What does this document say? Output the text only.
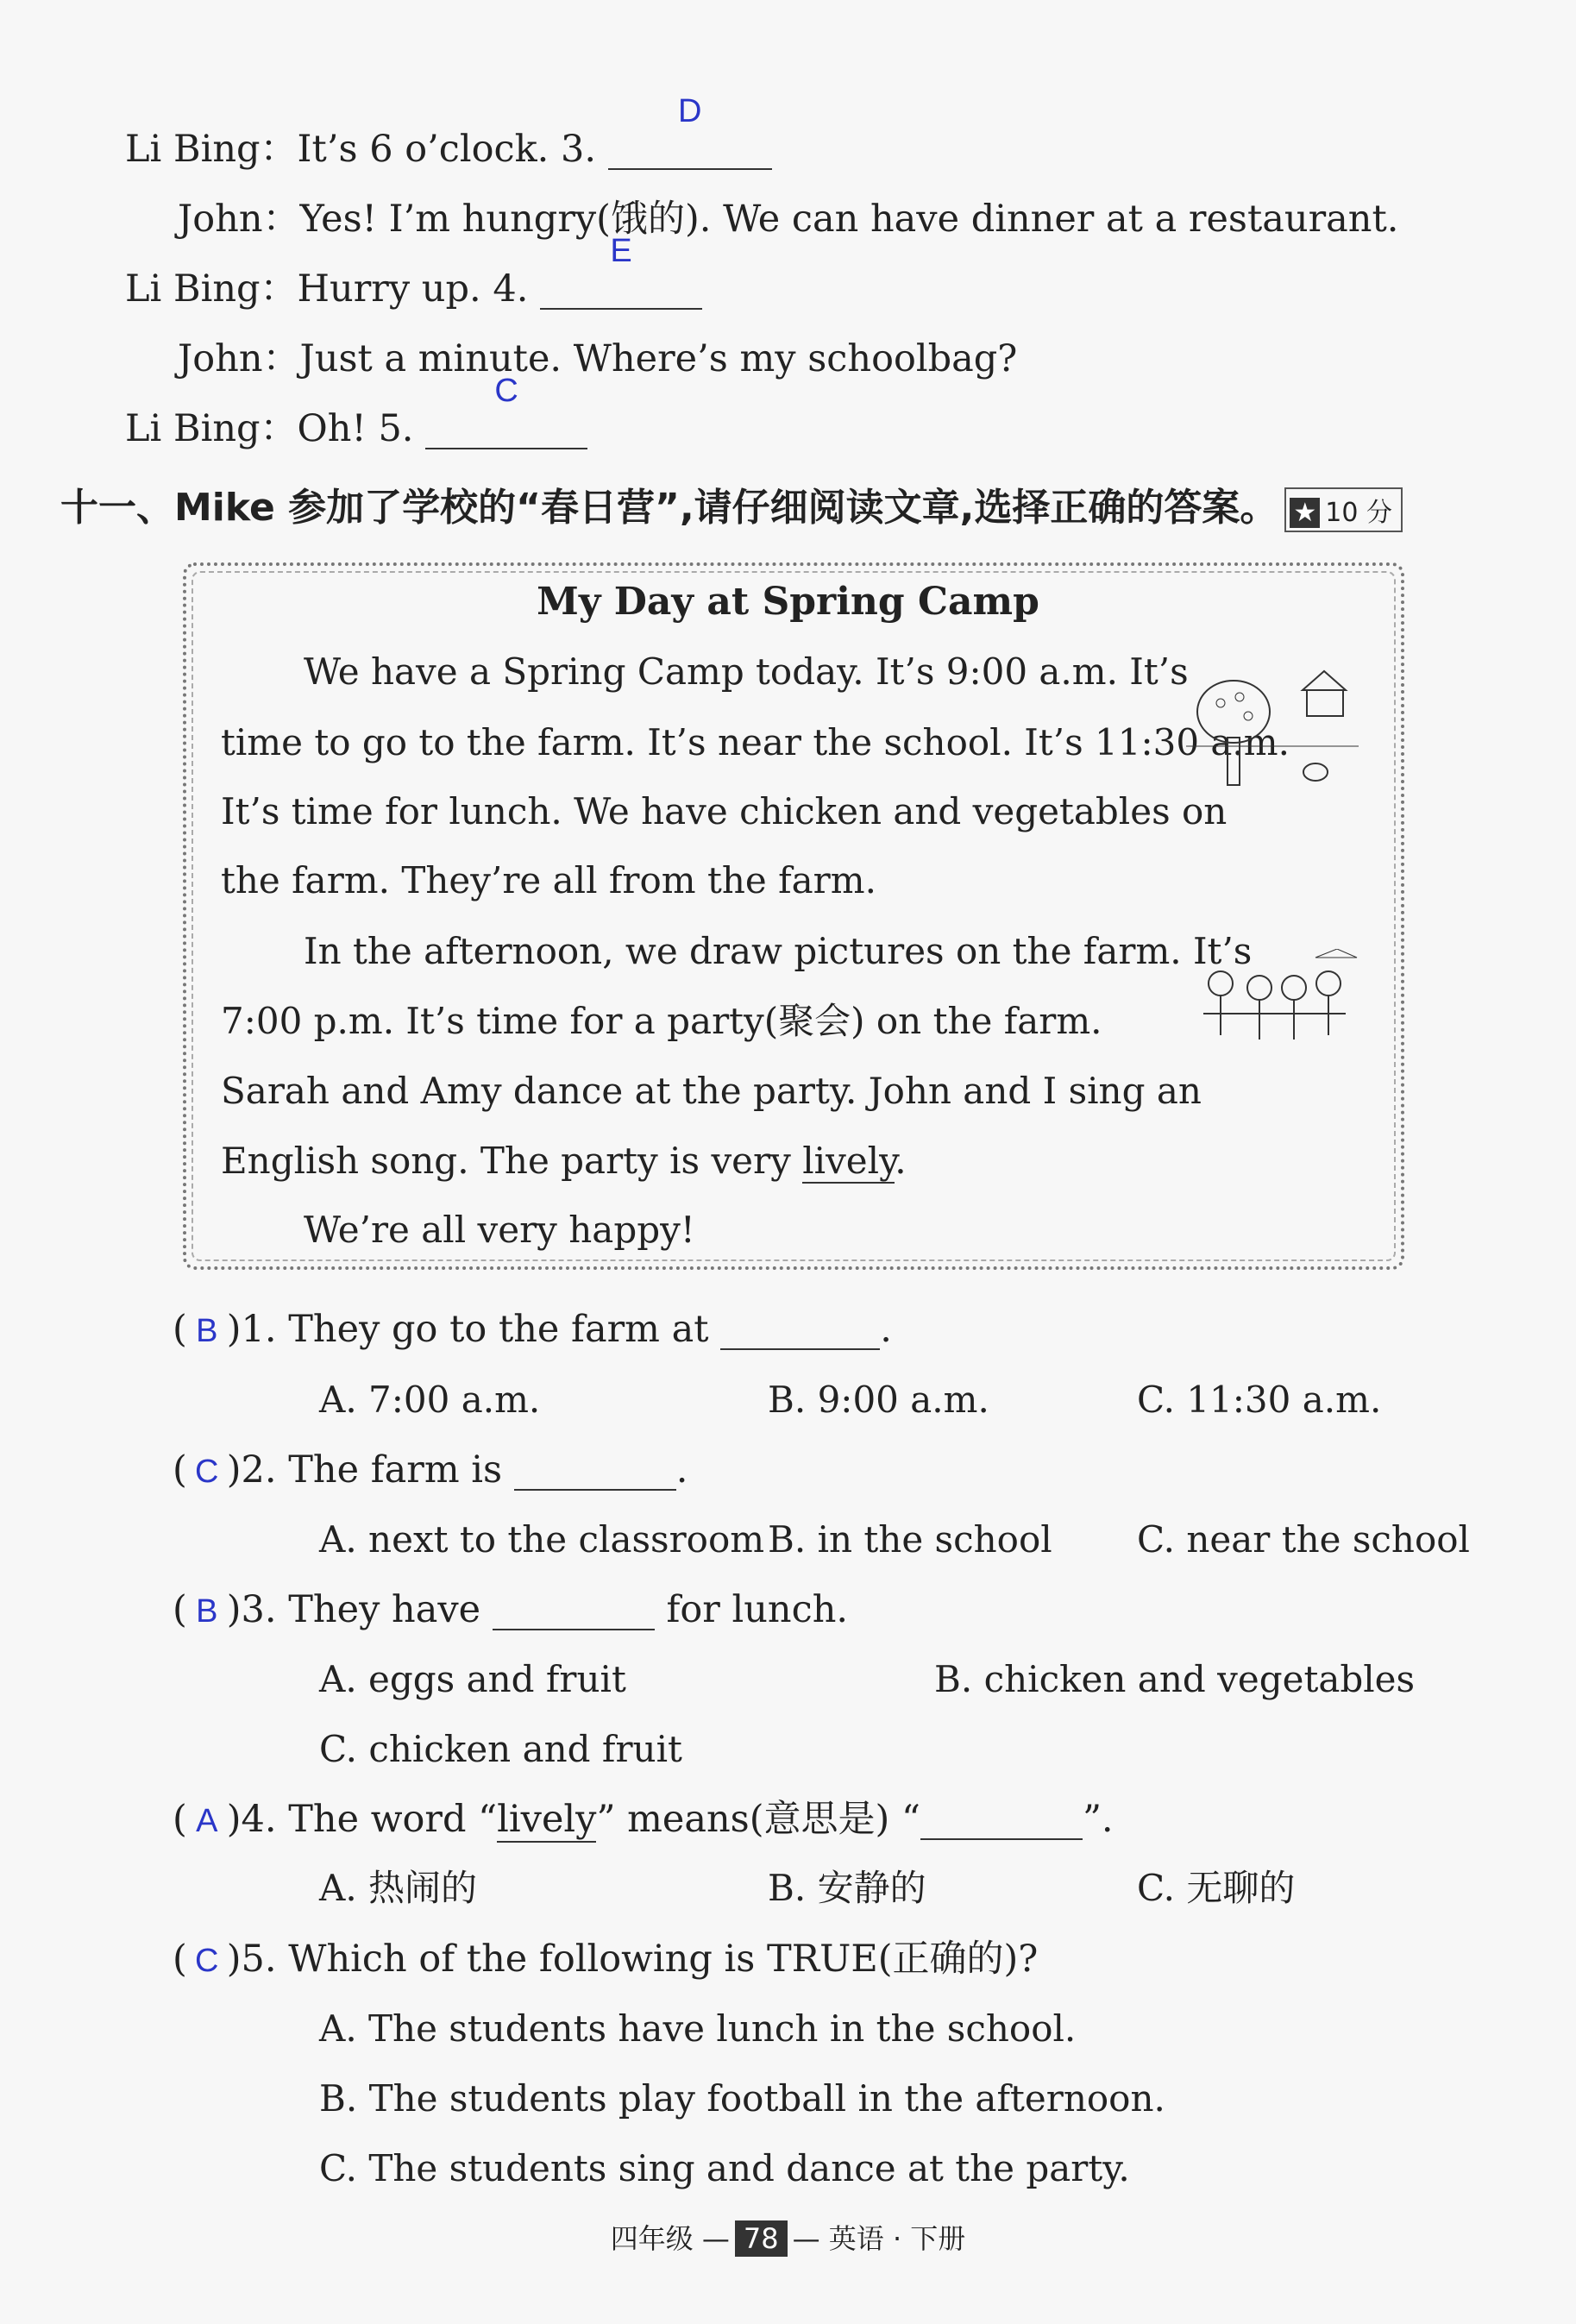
Li Bing：It’s 6 o’clock. 3.
D

John：Yes! I’m hungry(饿的). We can have dinner at a restaurant.
Li Bing：Hurry up. 4.
E

John：Just a minute. Where’s my schoolbag?
Li Bing：Oh! 5.
C

十一、Mike 参加了学校的“春日营”,请仔细阅读文章,选择正确的答案。 ★ 10 分
My Day at Spring Camp
We have a Spring Camp today. It’s 9:00 a.m. It’s
time to go to the farm. It’s near the school. It’s 11:30 a.m.
It’s time for lunch. We have chicken and vegetables on
the farm. They’re all from the farm.
In the afternoon, we draw pictures on the farm. It’s
7:00 p.m. It’s time for a party(聚会) on the farm.
Sarah and Amy dance at the party. John and I sing an
English song. The party is very lively.
We’re all very happy!
( B )1. They go to the farm at	.
A. 7:00 a.m.	B. 9:00 a.m.	C. 11:30 a.m.
( C )2. The farm is	.
A. next to the classroom B. in the school C. near the school
( B )3. They have	for lunch.
A. eggs and fruit	B. chicken and vegetables
C. chicken and fruit
( A )4. The word “lively” means(意思是) “	”.
A. 热闹的	B. 安静的	C. 无聊的
( C )5. Which of the following is TRUE(正确的)?
A. The students have lunch in the school.
B. The students play football in the afternoon.
C. The students sing and dance at the party.
四年级 — 78 — 英语 · 下册
